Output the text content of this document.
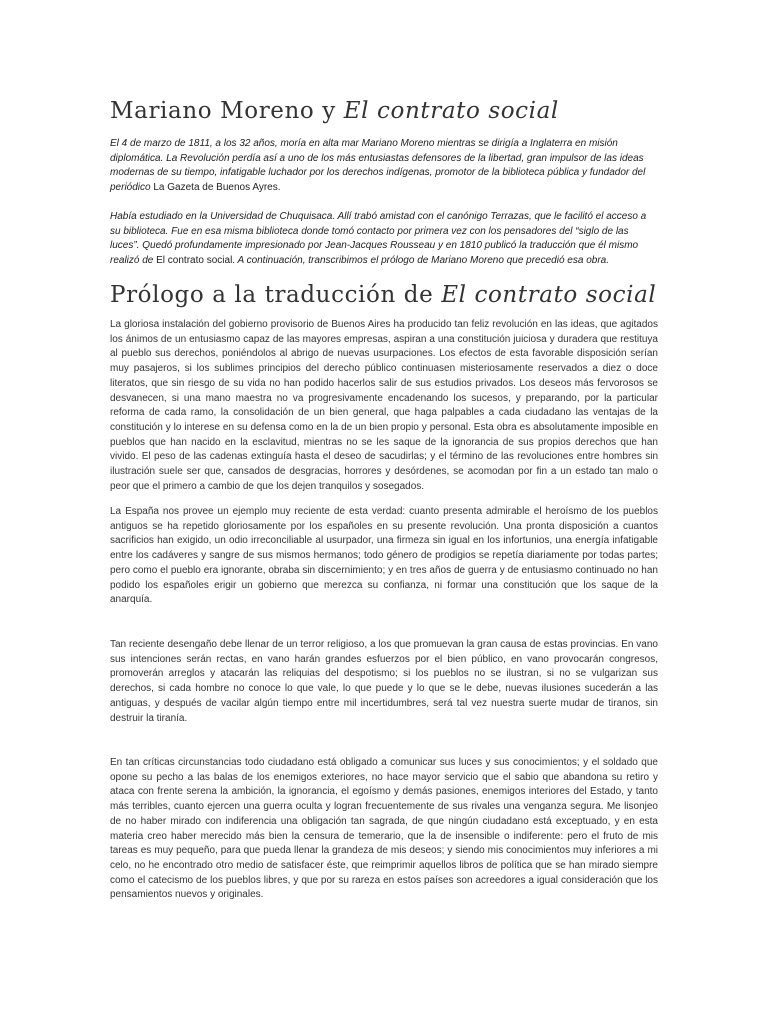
Mariano Moreno y El contrato social

El 4 de marzo de 1811, a los 32 años, moría en alta mar Mariano Moreno mientras se dirigía a Inglaterra en misión diplomática. La Revolución perdía así a uno de los más entusiastas defensores de la libertad, gran impulsor de las ideas modernas de su tiempo, infatigable luchador por los derechos indígenas, promotor de la biblioteca pública y fundador del periódico La Gazeta de Buenos Ayres.

Había estudiado en la Universidad de Chuquisaca. Allí trabó amistad con el canónigo Terrazas, que le facilitó el acceso a su biblioteca. Fue en esa misma biblioteca donde tomó contacto por primera vez con los pensadores del “siglo de las luces”. Quedó profundamente impresionado por Jean-Jacques Rousseau y en 1810 publicó la traducción que él mismo realizó de El contrato social. A continuación, transcribimos el prólogo de Mariano Moreno que precedió esa obra.

Prólogo a la traducción de El contrato social

La gloriosa instalación del gobierno provisorio de Buenos Aires ha producido tan feliz revolución en las ideas, que agitados los ánimos de un entusiasmo capaz de las mayores empresas, aspiran a una constitución juiciosa y duradera que restituya al pueblo sus derechos, poniéndolos al abrigo de nuevas usurpaciones. Los efectos de esta favorable disposición serían muy pasajeros, si los sublimes principios del derecho público continuasen misteriosamente reservados a diez o doce literatos, que sin riesgo de su vida no han podido hacerlos salir de sus estudios privados. Los deseos más fervorosos se desvanecen, si una mano maestra no va progresivamente encadenando los sucesos, y preparando, por la particular reforma de cada ramo, la consolidación de un bien general, que haga palpables a cada ciudadano las ventajas de la constitución y lo interese en su defensa como en la de un bien propio y personal. Esta obra es absolutamente imposible en pueblos que han nacido en la esclavitud, mientras no se les saque de la ignorancia de sus propios derechos que han vivido. El peso de las cadenas extinguía hasta el deseo de sacudirlas; y el término de las revoluciones entre hombres sin ilustración suele ser que, cansados de desgracias, horrores y desórdenes, se acomodan por fin a un estado tan malo o peor que el primero a cambio de que los dejen tranquilos y sosegados.

La España nos provee un ejemplo muy reciente de esta verdad: cuanto presenta admirable el heroísmo de los pueblos antiguos se ha repetido gloriosamente por los españoles en su presente revolución. Una pronta disposición a cuantos sacrificios han exigido, un odio irreconciliable al usurpador, una firmeza sin igual en los infortunios, una energía infatigable entre los cadáveres y sangre de sus mismos hermanos; todo género de prodigios se repetía diariamente por todas partes; pero como el pueblo era ignorante, obraba sin discernimiento; y en tres años de guerra y de entusiasmo continuado no han podido los españoles erigir un gobierno que merezca su confianza, ni formar una constitución que los saque de la anarquía.

Tan reciente desengaño debe llenar de un terror religioso, a los que promuevan la gran causa de estas provincias. En vano sus intenciones serán rectas, en vano harán grandes esfuerzos por el bien público, en vano provocarán congresos, promoverán arreglos y atacarán las reliquias del despotismo; si los pueblos no se ilustran, si no se vulgarizan sus derechos, si cada hombre no conoce lo que vale, lo que puede y lo que se le debe, nuevas ilusiones sucederán a las antiguas, y después de vacilar algún tiempo entre mil incertidumbres, será tal vez nuestra suerte mudar de tiranos, sin destruir la tiranía.

En tan críticas circunstancias todo ciudadano está obligado a comunicar sus luces y sus conocimientos; y el soldado que opone su pecho a las balas de los enemigos exteriores, no hace mayor servicio que el sabio que abandona su retiro y ataca con frente serena la ambición, la ignorancia, el egoísmo y demás pasiones, enemigos interiores del Estado, y tanto más terribles, cuanto ejercen una guerra oculta y logran frecuentemente de sus rivales una venganza segura. Me lisonjeo de no haber mirado con indiferencia una obligación tan sagrada, de que ningún ciudadano está exceptuado, y en esta materia creo haber merecido más bien la censura de temerario, que la de insensible o indiferente: pero el fruto de mis tareas es muy pequeño, para que pueda llenar la grandeza de mis deseos; y siendo mis conocimientos muy inferiores a mi celo, no he encontrado otro medio de satisfacer éste, que reimprimir aquellos libros de política que se han mirado siempre como el catecismo de los pueblos libres, y que por su rareza en estos países son acreedores a igual consideración que los pensamientos nuevos y originales.
